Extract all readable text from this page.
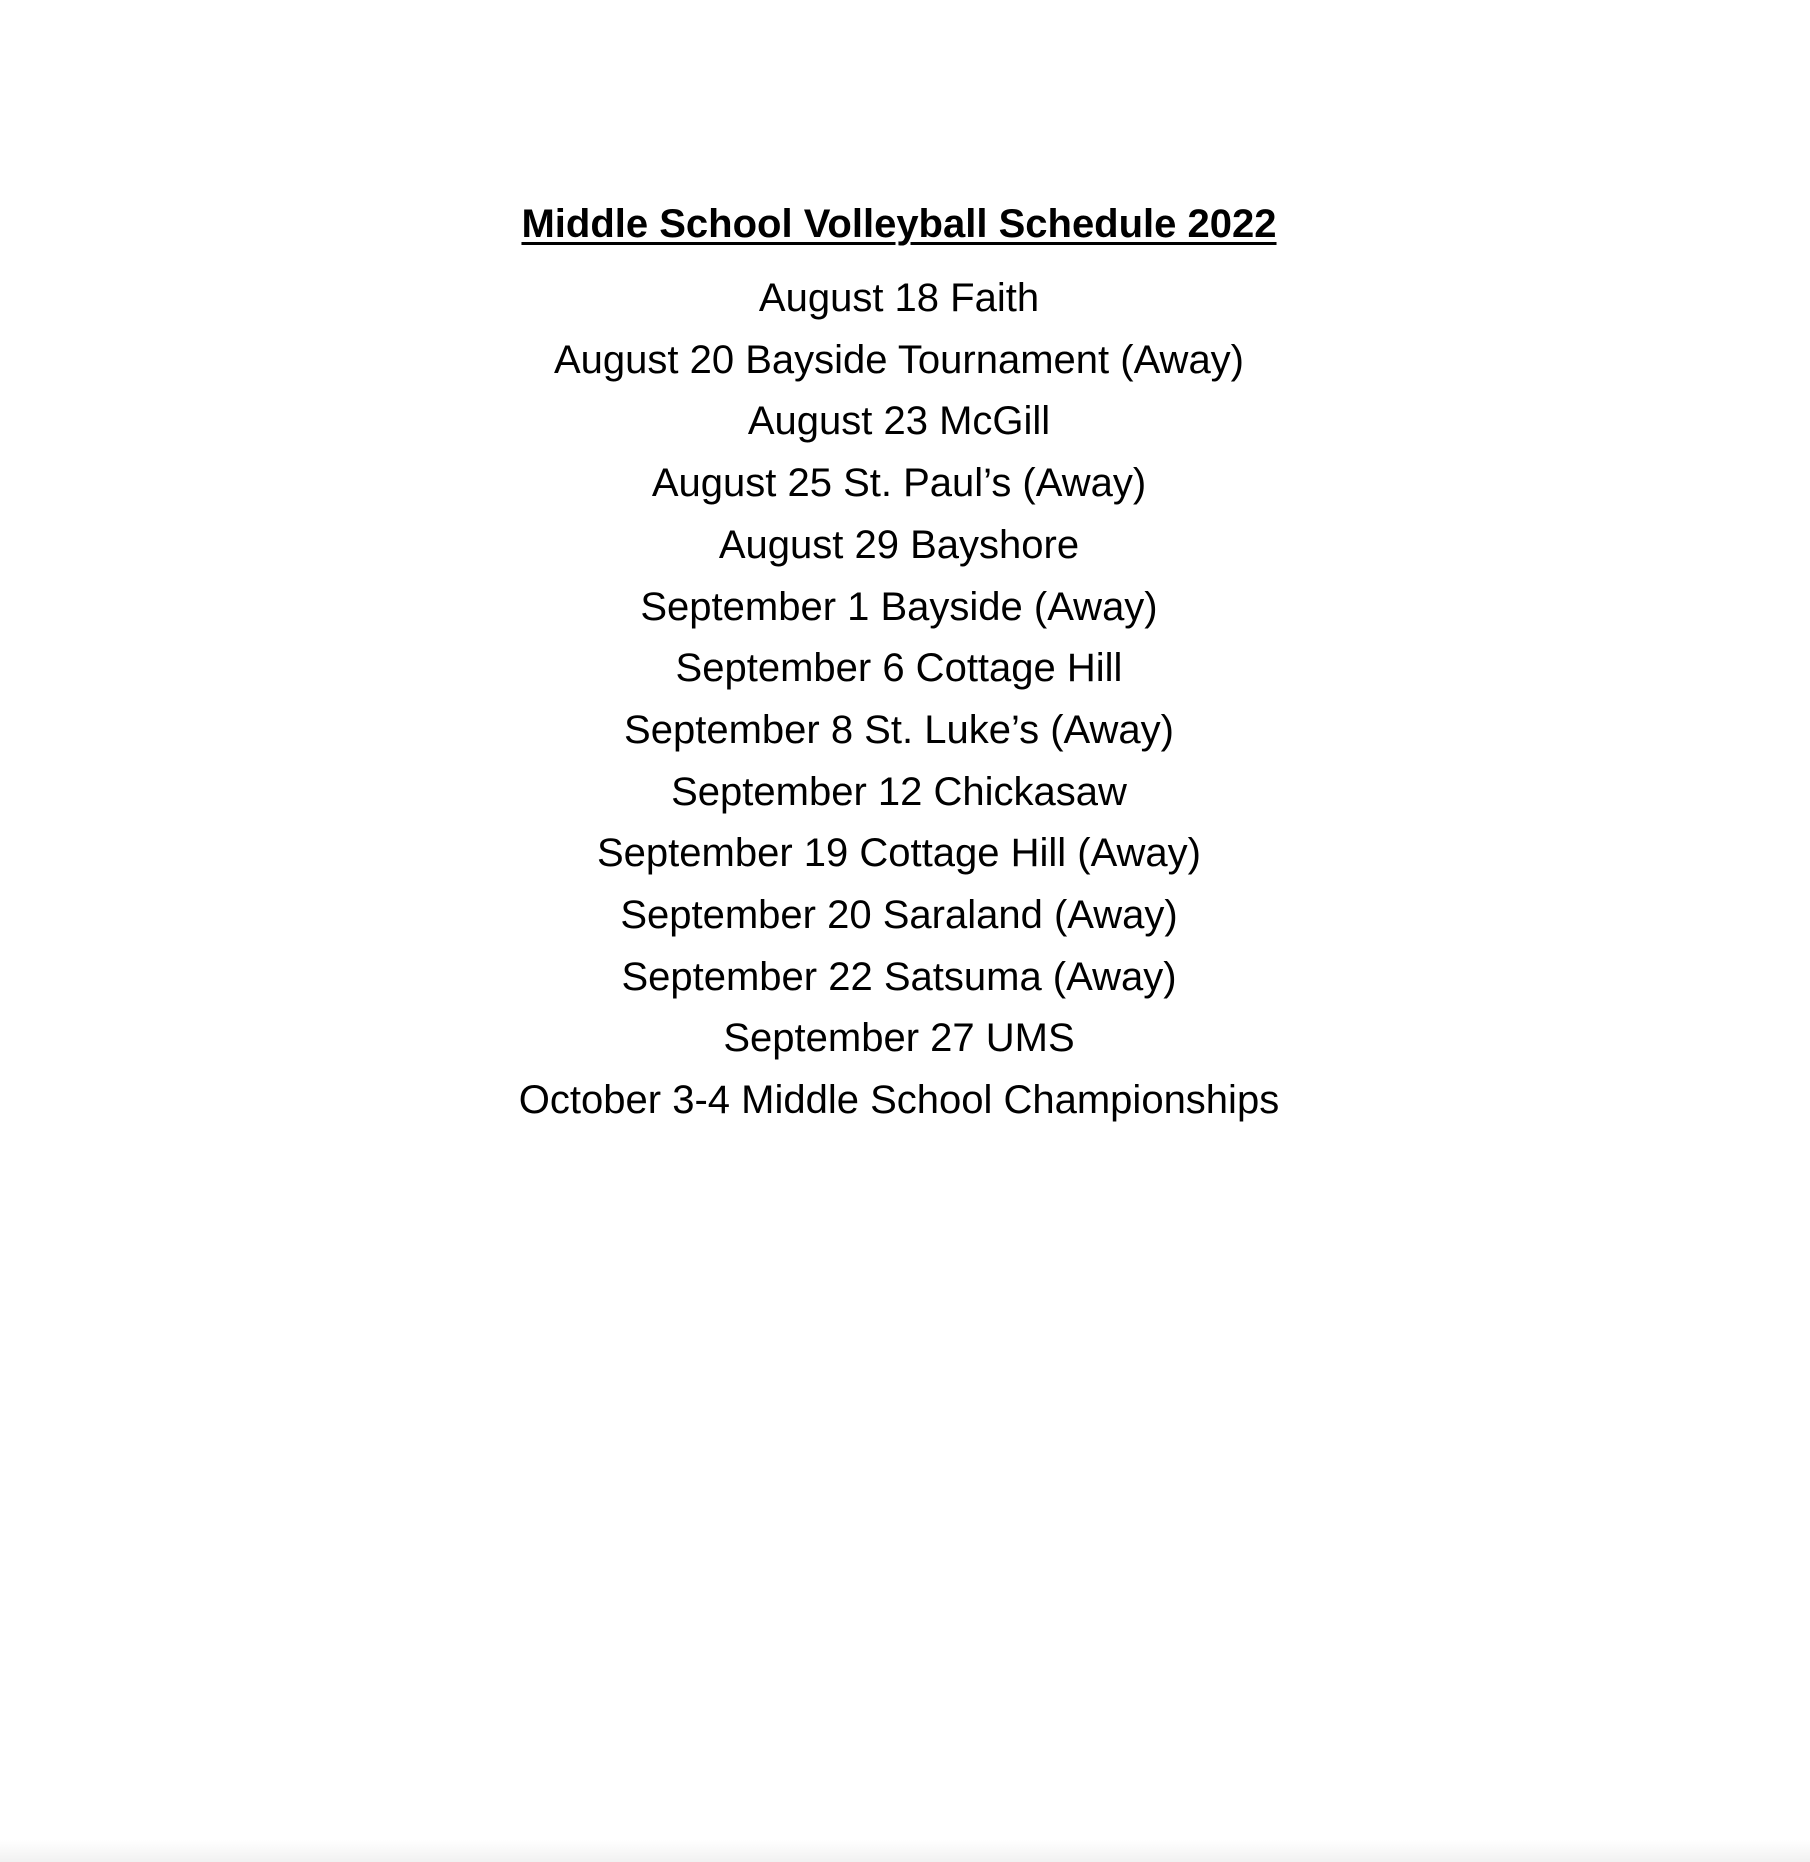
Middle School Volleyball Schedule 2022
August 18 Faith
August 20 Bayside Tournament (Away)
August 23 McGill
August 25 St. Paul’s (Away)
August 29 Bayshore
September 1 Bayside (Away)
September 6 Cottage Hill
September 8 St. Luke’s (Away)
September 12 Chickasaw
September 19 Cottage Hill (Away)
September 20 Saraland (Away)
September 22 Satsuma (Away)
September 27 UMS
October 3-4 Middle School Championships
